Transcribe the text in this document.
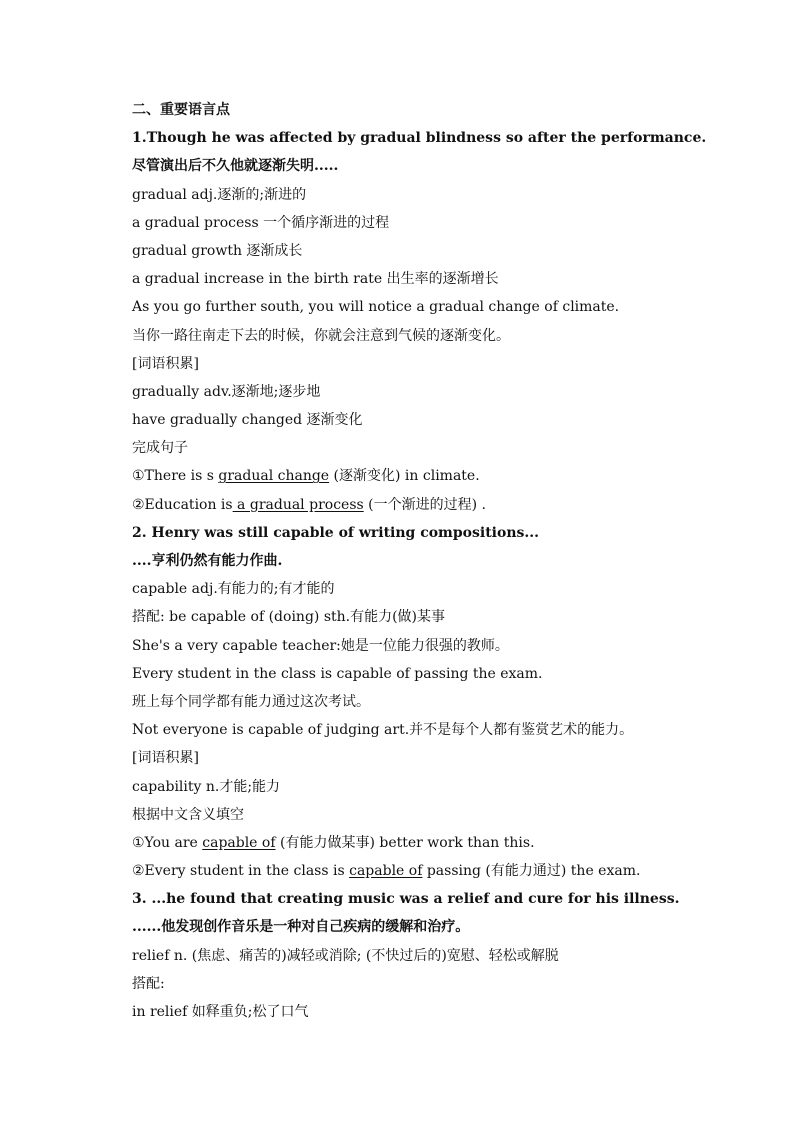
二、重要语言点
1.Though he was affected by gradual blindness so after the performance.
尽管演出后不久他就逐渐失明.....
gradual adj.逐渐的;渐进的
a gradual process 一个循序渐进的过程
gradual growth 逐渐成长
a gradual increase in the birth rate 出生率的逐渐增长
As you go further south, you will notice a gradual change of climate.
当你一路往南走下去的时候，你就会注意到气候的逐渐变化。
[词语积累]
gradually adv.逐渐地;逐步地
have gradually changed 逐渐变化
完成句子
①There is s gradual change (逐渐变化) in climate.
②Education is a gradual process (一个渐进的过程) .
2. Henry was still capable of writing compositions...
....亨利仍然有能力作曲.
capable adj.有能力的;有才能的
搭配: be capable of (doing) sth.有能力(做)某事
She's a very capable teacher:她是一位能力很强的教师。
Every student in the class is capable of passing the exam.
班上每个同学都有能力通过这次考试。
Not everyone is capable of judging art.并不是每个人都有鉴赏艺术的能力。
[词语积累]
capability n.才能;能力
根据中文含义填空
①You are capable of (有能力做某事) better work than this.
②Every student in the class is capable of passing (有能力通过) the exam.
3. ...he found that creating music was a relief and cure for his illness.
......他发现创作音乐是一种对自己疾病的缓解和治疗。
relief n. (焦虑、痛苦的)减轻或消除; (不快过后的)宽慰、轻松或解脱
搭配:
in relief 如释重负;松了口气
